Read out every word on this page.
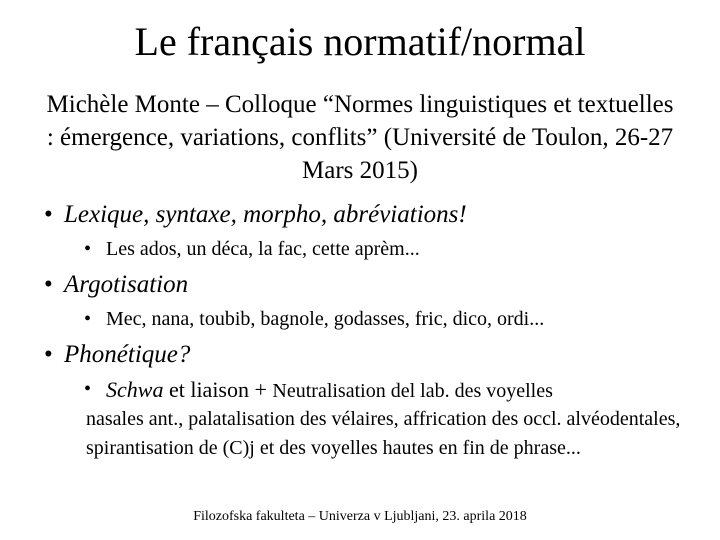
Le français normatif/normal
Michèle Monte – Colloque “Normes linguistiques et textuelles : émergence, variations, conflits” (Université de Toulon, 26-27 Mars 2015)
• Lexique, syntaxe, morpho, abréviations!
• Les ados, un déca, la fac, cette aprèm...
• Argotisation
• Mec, nana, toubib, bagnole, godasses, fric, dico, ordi...
• Phonétique?
• Schwa et liaison + Neutralisation del lab. des voyelles
nasales ant., palatalisation des vélaires, affrication des occl. alvéodentales, spirantisation de (C)j et des voyelles hautes en fin de phrase...
Filozofska fakulteta – Univerza v Ljubljani, 23. aprila 2018
